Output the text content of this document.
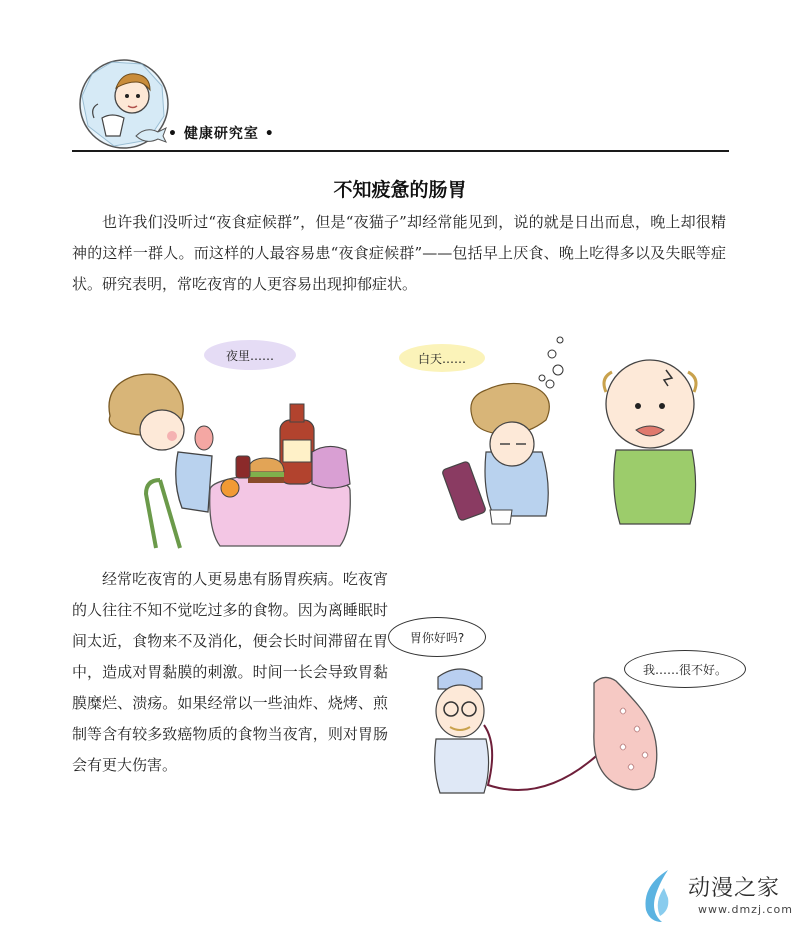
• 健康研究室 •
不知疲惫的肠胃

也许我们没听过“夜食症候群”，但是“夜猫子”却经常能见到，说的就是日出而息，晚上却很精神的这样一群人。而这样的人最容易患“夜食症候群”——包括早上厌食、晚上吃得多以及失眠等症状。研究表明，常吃夜宵的人更容易出现抑郁症状。

夜里……	白天……

经常吃夜宵的人更易患有肠胃疾病。吃夜宵的人往往不知不觉吃过多的食物。因为离睡眠时间太近，食物来不及消化，便会长时间滞留在胃中，造成对胃黏膜的刺激。时间一长会导致胃黏膜糜烂、溃疡。如果经常以一些油炸、烧烤、煎制等含有较多致癌物质的食物当夜宵，则对胃肠会有更大伤害。

胃你好吗?
我……很不好。
动漫之家
www.dmzj.com
